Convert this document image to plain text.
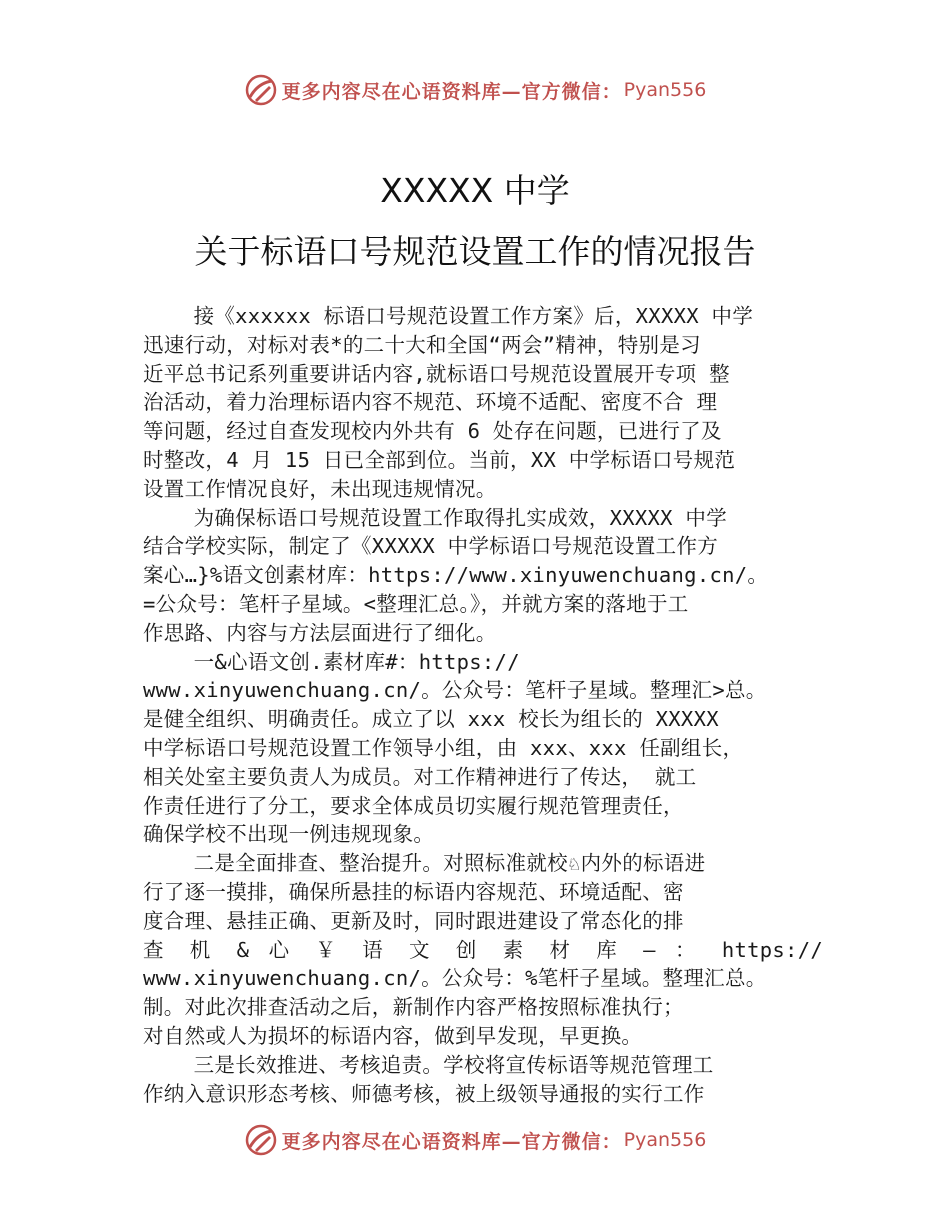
更多内容尽在心语资料库—官方微信： Pyan556
XXXXX 中学
关于标语口号规范设置工作的情况报告
接《xxxxxx 标语口号规范设置工作方案》后，XXXXX 中学
迅速行动，对标对表*的二十大和全国“两会”精神，特别是习
近平总书记系列重要讲话内容,就标语口号规范设置展开专项 整
治活动，着力治理标语内容不规范、环境不适配、密度不合 理
等问题，经过自查发现校内外共有 6 处存在问题，已进行了及
时整改，4 月 15 日已全部到位。当前，XX 中学标语口号规范
设置工作情况良好，未出现违规情况。
为确保标语口号规范设置工作取得扎实成效，XXXXX 中学
结合学校实际，制定了《XXXXX 中学标语口号规范设置工作方
案心…}%语文创素材库：https://www.xinyuwenchuang.cn/。
=公众号：笔杆子星域。<整理汇总。》，并就方案的落地于工
作思路、内容与方法层面进行了细化。
一&心语文创.素材库#：https://
www.xinyuwenchuang.cn/。公众号：笔杆子星域。整理汇>总。
是健全组织、明确责任。成立了以 xxx 校长为组长的 XXXXX
中学标语口号规范设置工作领导小组，由 xxx、xxx 任副组长，
相关处室主要负责人为成员。对工作精神进行了传达， 就工
作责任进行了分工，要求全体成员切实履行规范管理责任，
确保学校不出现一例违规现象。
二是全面排查、整治提升。对照标准就校♘内外的标语进
行了逐一摸排，确保所悬挂的标语内容规范、环境适配、密
度合理、悬挂正确、更新及时，同时跟进建设了常态化的排
查 机 & 心 ￥ 语 文 创 素 材 库 — ： https://
www.xinyuwenchuang.cn/。公众号：%笔杆子星域。整理汇总。
制。对此次排查活动之后，新制作内容严格按照标准执行；
对自然或人为损坏的标语内容，做到早发现，早更换。
三是长效推进、考核追责。学校将宣传标语等规范管理工
作纳入意识形态考核、师德考核，被上级领导通报的实行工作
更多内容尽在心语资料库—官方微信： Pyan556
